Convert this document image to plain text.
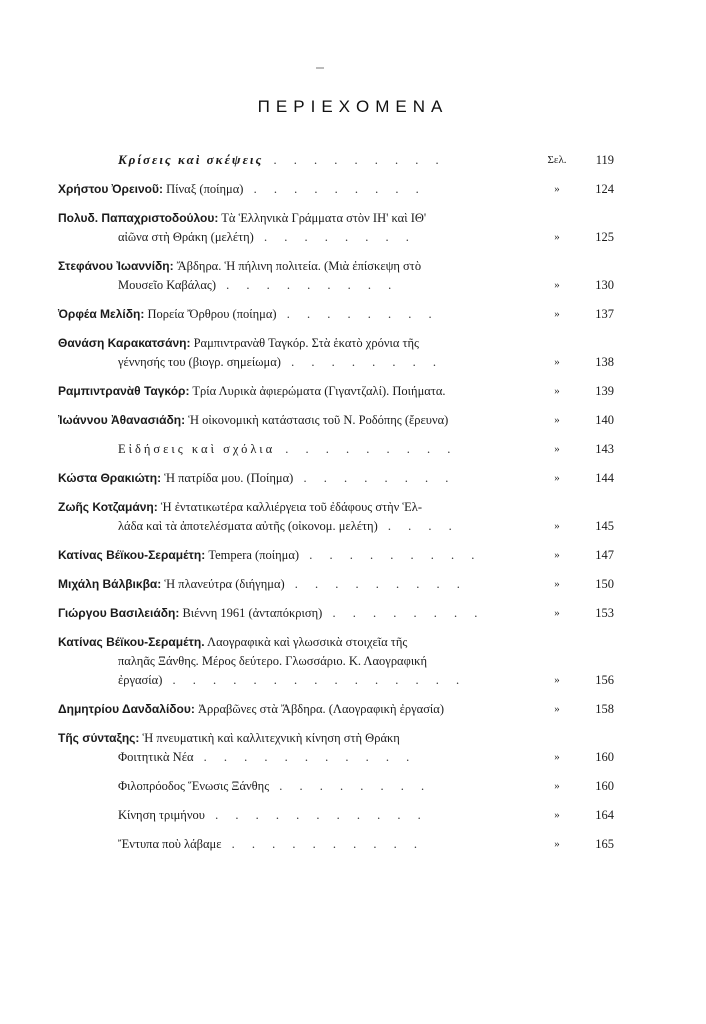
ΠΕΡΙΕΧΟΜΕΝΑ
Κρίσεις καὶ σκέψεις . . . . . . . . .	Σελ.	119
Χρήστου Ὀρεινοῦ: Πίναξ (ποίημα) . . . . . . . . .	»	124
Πολυδ. Παπαχριστοδούλου: Τὰ Ἑλληνικὰ Γράμματα στὸν ΙΗ' καὶ ΙΘ'
αἰῶνα στὴ Θράκη (μελέτη) . . . . . . . .	»	125
Στεφάνου Ἰωαννίδη: Ἄβδηρα. Ἡ πήλινη πολιτεία. (Μιὰ ἐπίσκεψη στὸ
Μουσεῖο Καβάλας) . . . . . . . . .	»	130
Ὀρφέα Μελίδη: Πορεία Ὄρθρου (ποίημα) . . . . . . . .	»	137
Θανάση Καρακατσάνη: Ραμπιντρανὰθ Ταγκόρ. Στὰ ἑκατὸ χρόνια τῆς
γέννησής του (βιογρ. σημείωμα) . . . . . . . .	»	138
Ραμπιντρανὰθ Ταγκόρ: Τρία Λυρικὰ ἀφιερώματα (Γιγαντζαλί). Ποιήματα.	»	139
Ἰωάννου Ἀθανασιάδη: Ἡ οἰκονομικὴ κατάστασις τοῦ Ν. Ροδόπης (ἔρευνα)	»	140
Εἰδήσεις καὶ σχόλια . . . . . . . . .	»	143
Κώστα Θρακιώτη: Ἡ πατρίδα μου. (Ποίημα) . . . . . . . .	»	144
Ζωῆς Κοτζαμάνη: Ἡ ἐντατικωτέρα καλλιέργεια τοῦ ἐδάφους στὴν Ἑλ-
λάδα καὶ τὰ ἀποτελέσματα αὐτῆς (οἰκονομ. μελέτη) . . . .	»	145
Κατίνας Βέϊκου-Σεραμέτη: Tempera (ποίημα) . . . . . . . . .	»	147
Μιχάλη Βάλβικβα: Ἡ πλανεύτρα (διήγημα) . . . . . . . . .	»	150
Γιώργου Βασιλειάδη: Βιέννη 1961 (ἀνταπόκριση) . . . . . . . .	»	153
Κατίνας Βέϊκου-Σεραμέτη. Λαογραφικὰ καὶ γλωσσικὰ στοιχεῖα τῆς
παληᾶς Ξάνθης. Μέρος δεύτερο. Γλωσσάριο. Κ. Λαογραφική
ἐργασία) . . . . . . . . . . . . . . .	»	156
Δημητρίου Δανδαλίδου: Ἀρραβῶνες στὰ Ἄβδηρα. (Λαογραφικὴ ἐργασία)	»	158
Τῆς σύνταξης: Ἡ πνευματικὴ καὶ καλλιτεχνικὴ κίνηση στὴ Θράκη
Φοιτητικὰ Νέα . . . . . . . . . . .	»	160
Φιλοπρόοδος Ἕνωσις Ξάνθης . . . . . . . .	»	160
Κίνηση τριμήνου . . . . . . . . . . .	»	164
Ἔντυπα ποὺ λάβαμε . . . . . . . . . .	»	165
